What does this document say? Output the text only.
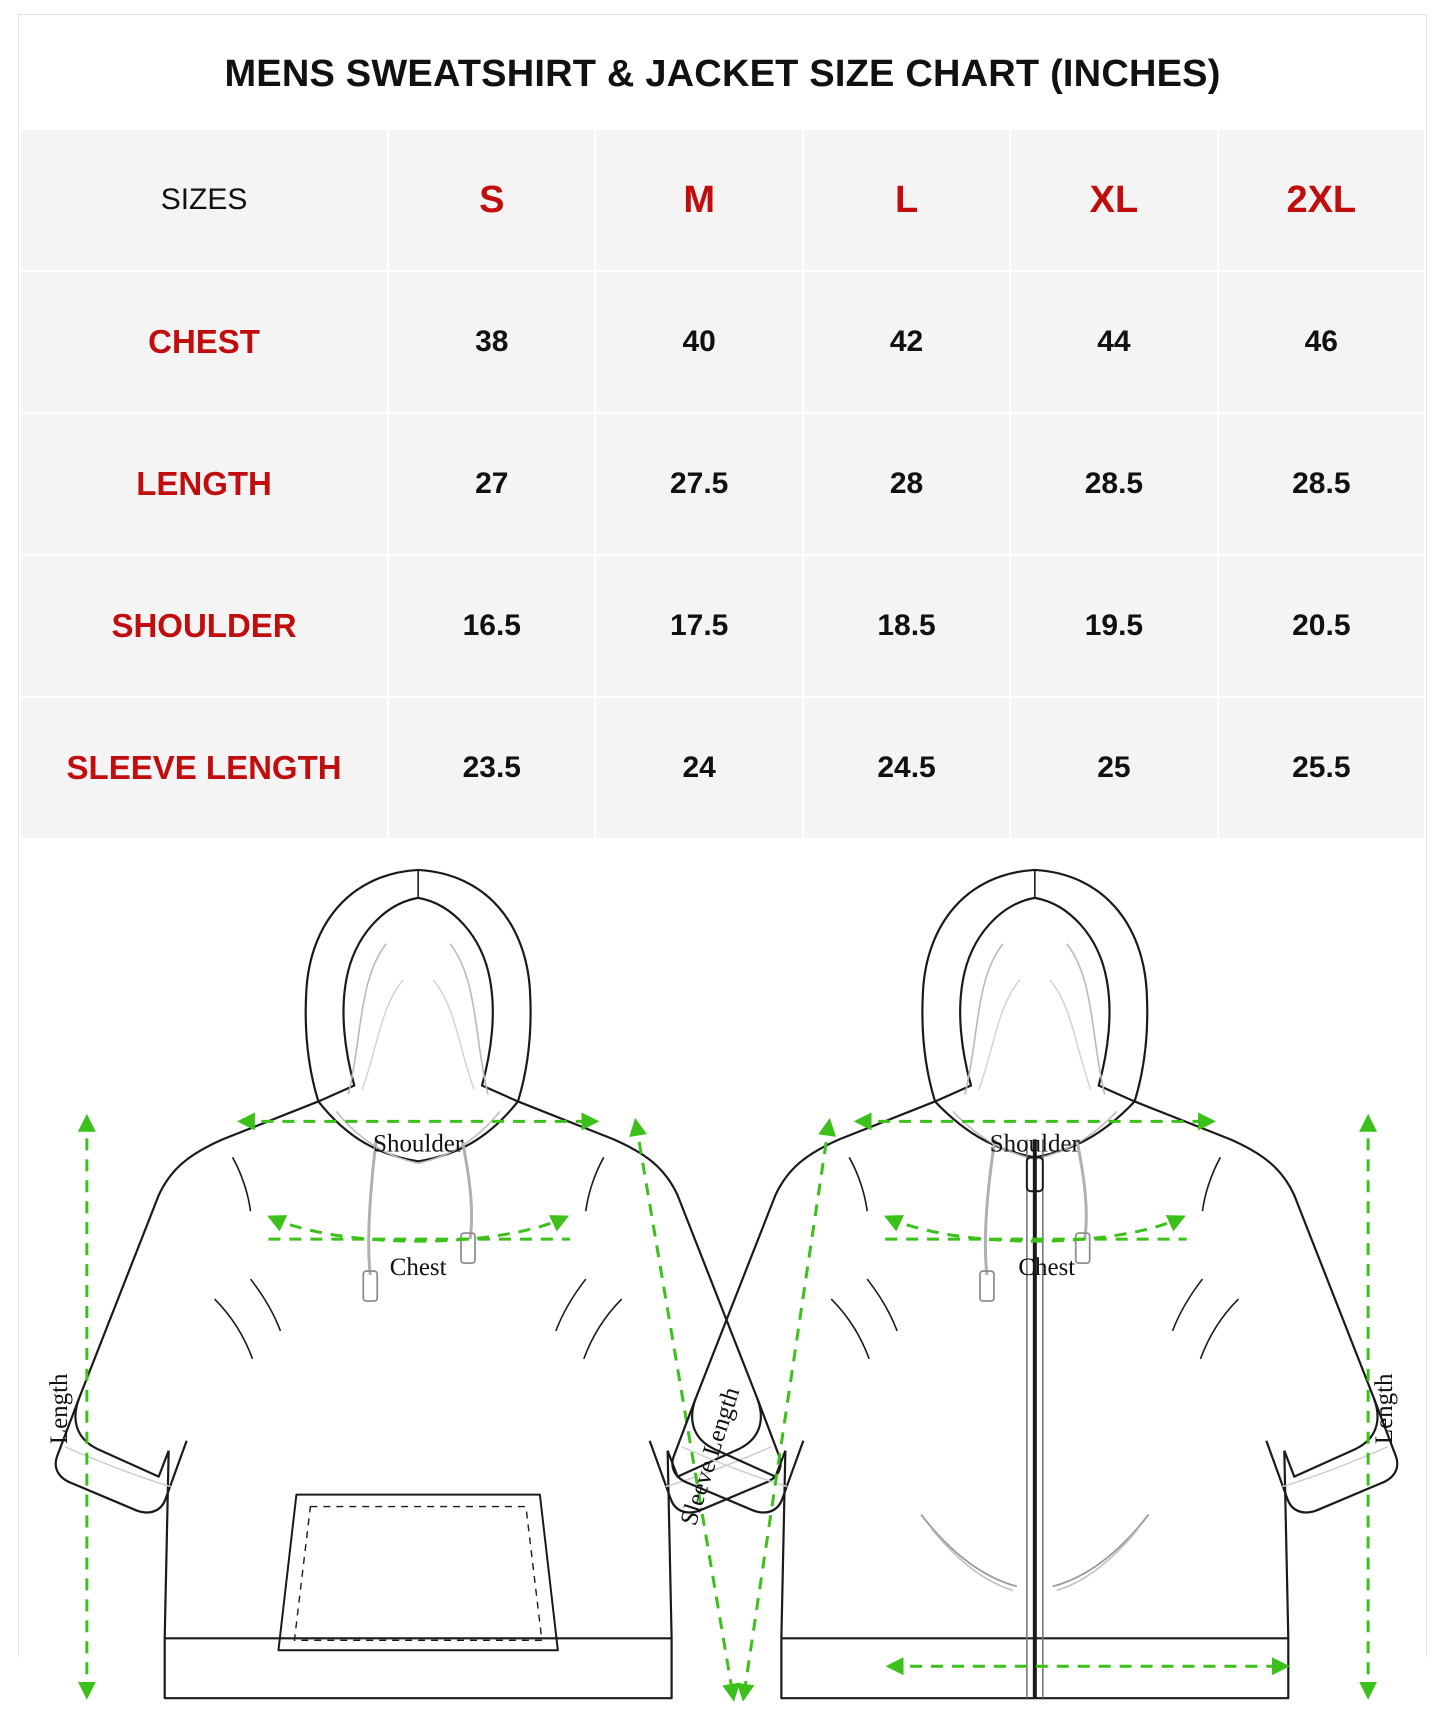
MENS SWEATSHIRT & JACKET SIZE CHART (INCHES)
SIZES	S	M	L	XL	2XL
CHEST	38	40	42	44	46
LENGTH	27	27.5	28	28.5	28.5
SHOULDER	16.5	17.5	18.5	19.5	20.5
SLEEVE LENGTH	23.5	24	24.5	25	25.5
Shoulder
Chest
Length	Sleeve Length
Shoulder
Chest
Length
